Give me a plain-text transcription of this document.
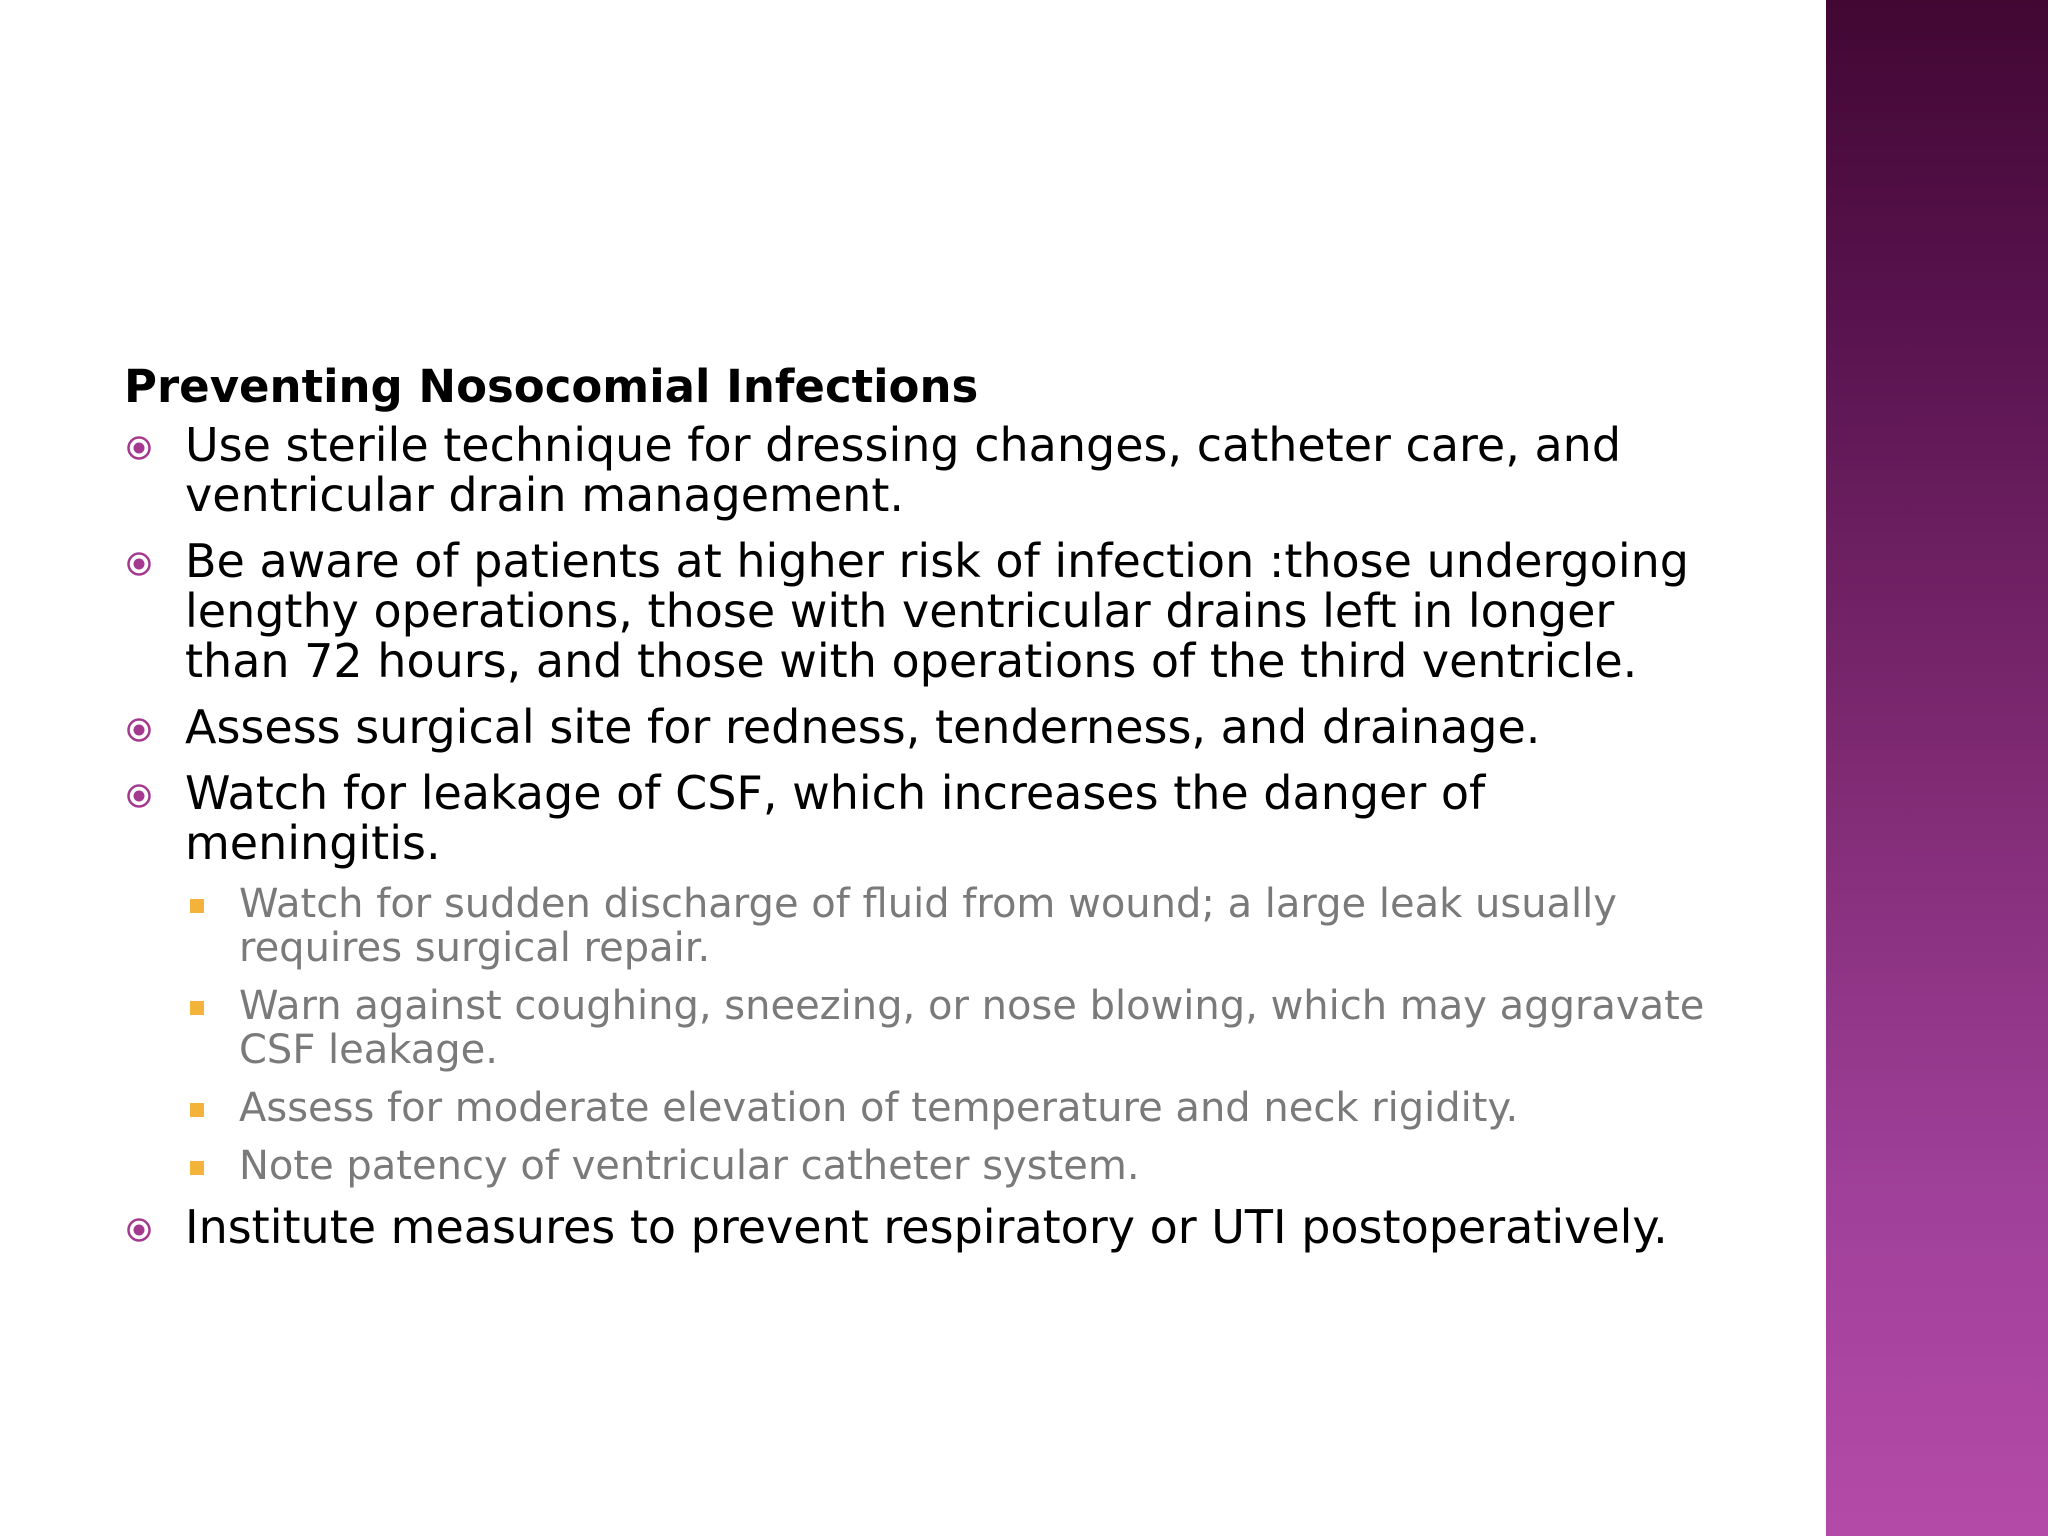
Preventing Nosocomial Infections
Use sterile technique for dressing changes, catheter care, and ventricular drain management.
Be aware of patients at higher risk of infection :those undergoing lengthy operations, those with ventricular drains left in longer than 72 hours, and those with operations of the third ventricle.
Assess surgical site for redness, tenderness, and drainage.
Watch for leakage of CSF, which increases the danger of meningitis.
Watch for sudden discharge of fluid from wound; a large leak usually requires surgical repair.
Warn against coughing, sneezing, or nose blowing, which may aggravate CSF leakage.
Assess for moderate elevation of temperature and neck rigidity.
Note patency of ventricular catheter system.
Institute measures to prevent respiratory or UTI postoperatively.
